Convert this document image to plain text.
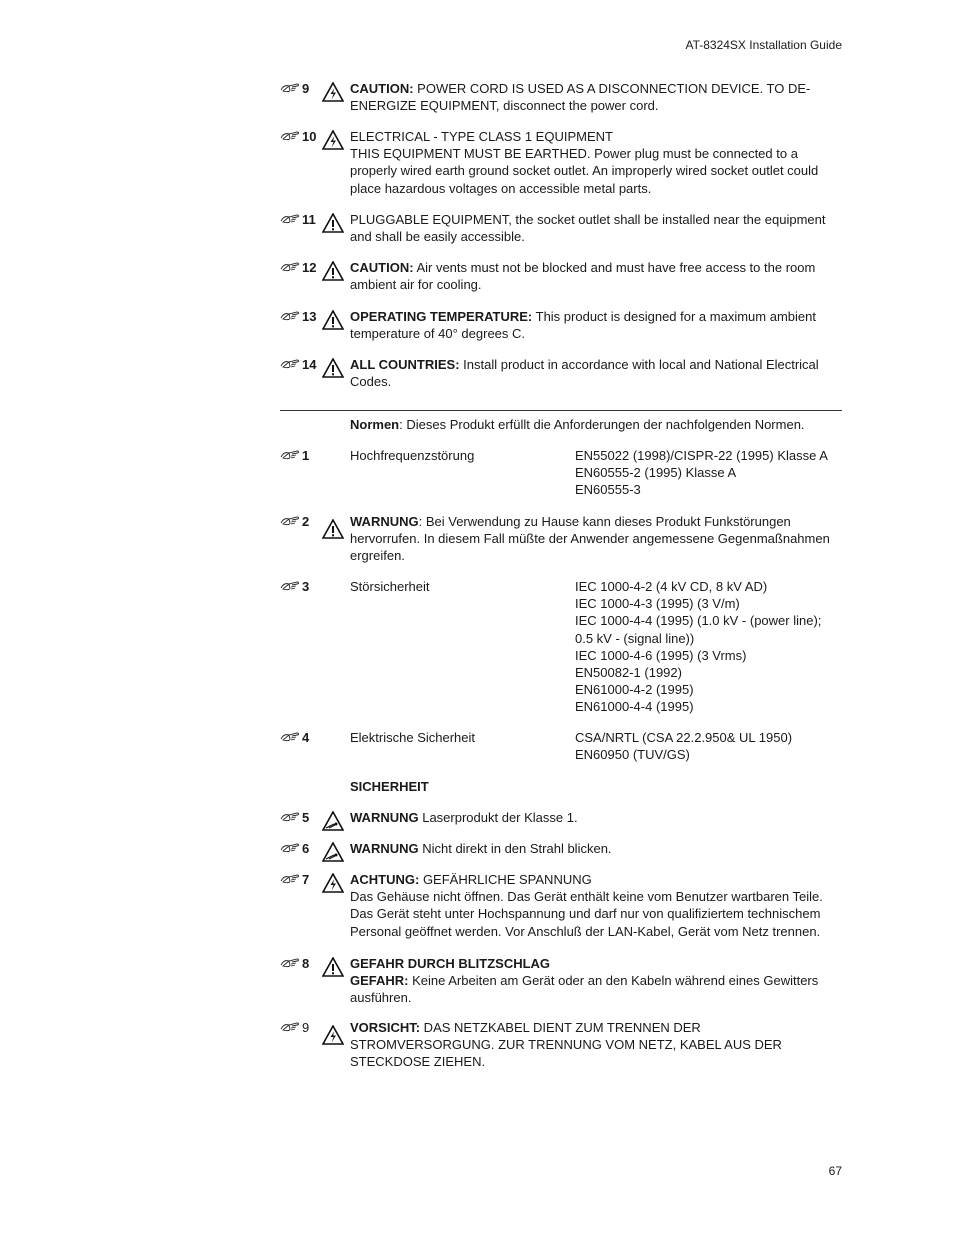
AT-8324SX Installation Guide
9	CAUTION: POWER CORD IS USED AS A DISCONNECTION DEVICE. TO DE-ENERGIZE EQUIPMENT, disconnect the power cord.
10	ELECTRICAL - TYPE CLASS 1 EQUIPMENT
THIS EQUIPMENT MUST BE EARTHED. Power plug must be connected to a properly wired earth ground socket outlet. An improperly wired socket outlet could place hazardous voltages on accessible metal parts.
11	PLUGGABLE EQUIPMENT, the socket outlet shall be installed near the equipment and shall be easily accessible.
12	CAUTION: Air vents must not be blocked and must have free access to the room ambient air for cooling.
13	OPERATING TEMPERATURE: This product is designed for a maximum ambient temperature of 40° degrees C.
14	ALL COUNTRIES: Install product in accordance with local and National Electrical Codes.
Normen: Dieses Produkt erfüllt die Anforderungen der nachfolgenden Normen.
1	Hochfrequenzstörung	EN55022 (1998)/CISPR-22 (1995) Klasse A
EN60555-2 (1995) Klasse A
EN60555-3
2	WARNUNG: Bei Verwendung zu Hause kann dieses Produkt Funkstörungen hervorrufen. In diesem Fall müßte der Anwender angemessene Gegenmaßnahmen ergreifen.
3	Störsicherheit	IEC 1000-4-2 (4 kV CD, 8 kV AD)
IEC 1000-4-3 (1995) (3 V/m)
IEC 1000-4-4 (1995) (1.0 kV - (power line);
0.5 kV - (signal line))
IEC 1000-4-6 (1995) (3 Vrms)
EN50082-1 (1992)
EN61000-4-2 (1995)
EN61000-4-4 (1995)
4	Elektrische Sicherheit	CSA/NRTL (CSA 22.2.950& UL 1950)
EN60950 (TUV/GS)
SICHERHEIT
5	WARNUNG Laserprodukt der Klasse 1.
6	WARNUNG Nicht direkt in den Strahl blicken.
7	ACHTUNG: GEFÄHRLICHE SPANNUNG
Das Gehäuse nicht öffnen. Das Gerät enthält keine vom Benutzer wartbaren Teile. Das Gerät steht unter Hochspannung und darf nur von qualifiziertem technischem Personal geöffnet werden. Vor Anschluß der LAN-Kabel, Gerät vom Netz trennen.
8	GEFAHR DURCH BLITZSCHLAG
GEFAHR: Keine Arbeiten am Gerät oder an den Kabeln während eines Gewitters ausführen.
9	VORSICHT: DAS NETZKABEL DIENT ZUM TRENNEN DER STROMVERSORGUNG. ZUR TRENNUNG VOM NETZ, KABEL AUS DER STECKDOSE ZIEHEN.
67
